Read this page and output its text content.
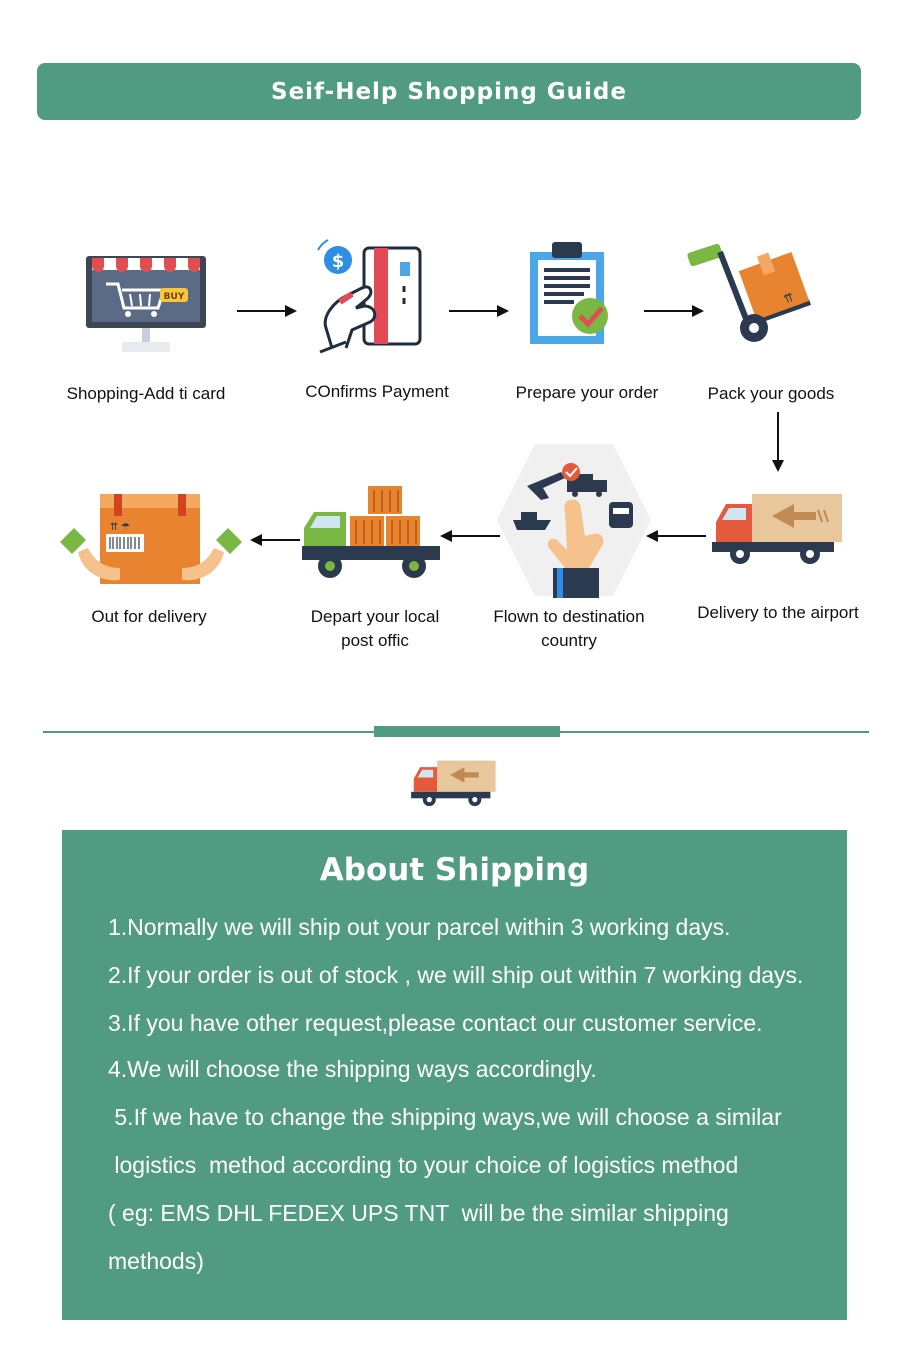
Seif-Help Shopping Guide
BUY
$
⇈
Shopping-Add ti card	COnfirms Payment	Prepare your order	Pack your goods
⇈ ☂
Out for delivery	Depart your local
post offic
Flown to destination
country
Delivery to the airport
About Shipping
1.Normally we will ship out your parcel within 3 working days.
2.If your order is out of stock , we will ship out within 7 working days.
3.If you have other request,please contact our customer service.
4.We will choose the shipping ways accordingly.
5.If we have to change the shipping ways,we will choose a similar
logistics  method according to your choice of logistics method
( eg: EMS DHL FEDEX UPS TNT  will be the similar shipping
methods)
